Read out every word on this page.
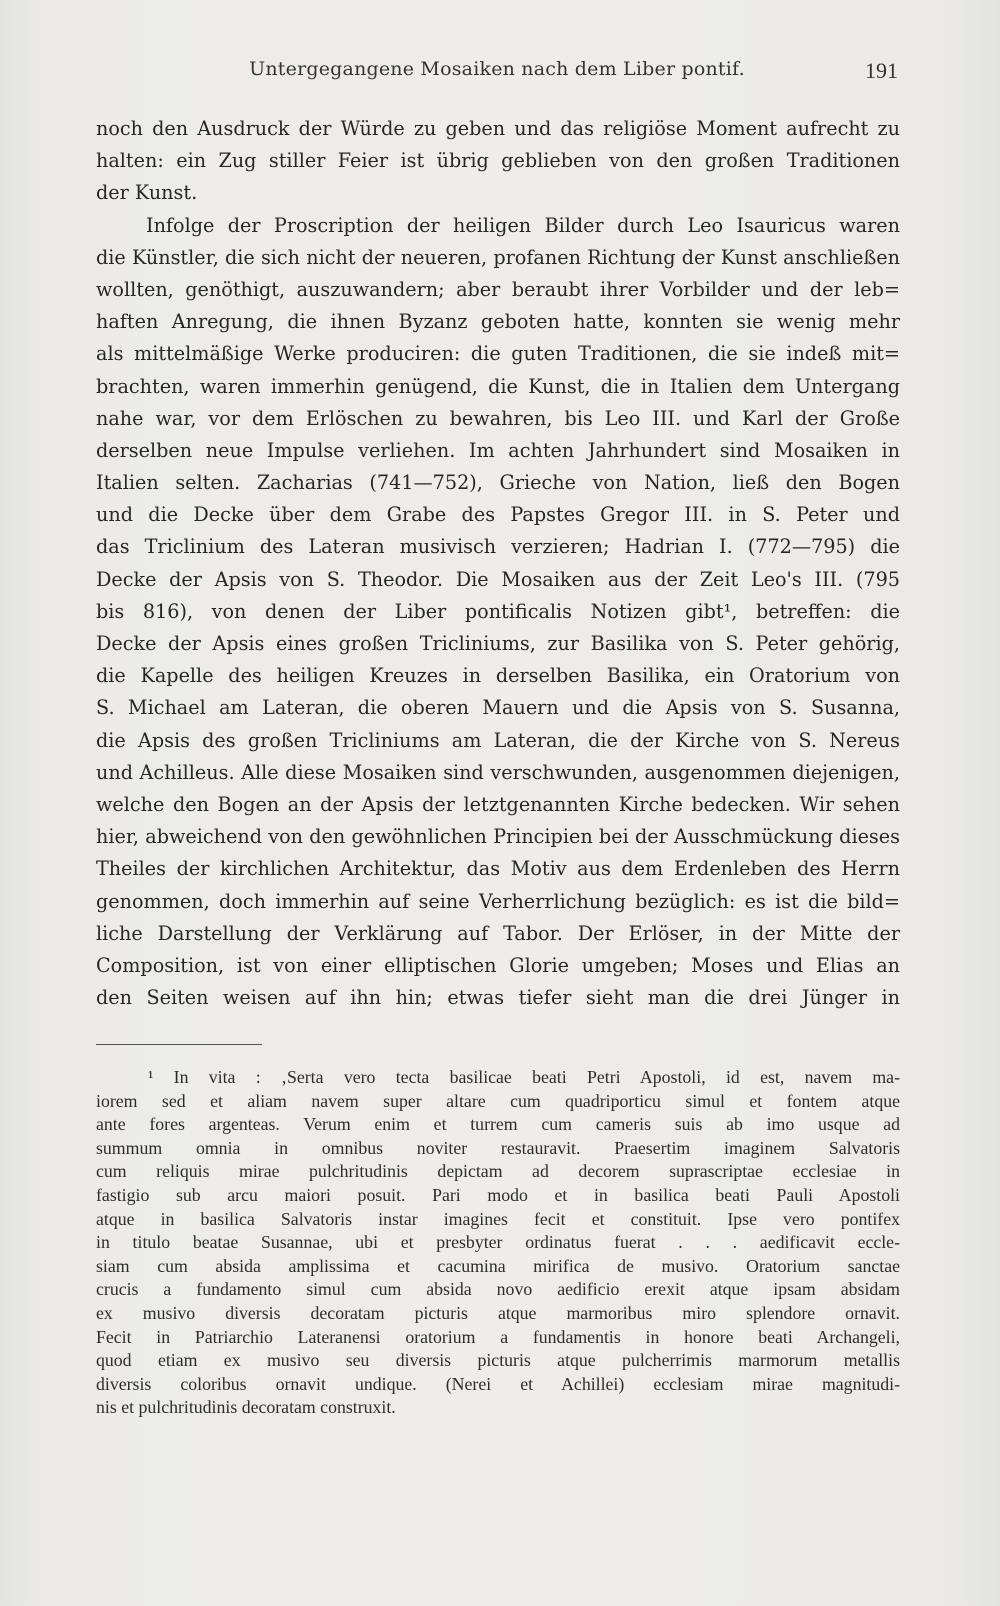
Untergegangene Mosaiken nach dem Liber pontif.	191
noch den Ausdruck der Würde zu geben und das religiöse Moment aufrecht zu
halten: ein Zug stiller Feier ist übrig geblieben von den großen Traditionen
der Kunst.
Infolge der Proscription der heiligen Bilder durch Leo Isauricus waren
die Künstler, die sich nicht der neueren, profanen Richtung der Kunst anschließen
wollten, genöthigt, auszuwandern; aber beraubt ihrer Vorbilder und der leb=
haften Anregung, die ihnen Byzanz geboten hatte, konnten sie wenig mehr
als mittelmäßige Werke produciren: die guten Traditionen, die sie indeß mit=
brachten, waren immerhin genügend, die Kunst, die in Italien dem Untergang
nahe war, vor dem Erlöschen zu bewahren, bis Leo III. und Karl der Große
derselben neue Impulse verliehen. Im achten Jahrhundert sind Mosaiken in
Italien selten. Zacharias (741—752), Grieche von Nation, ließ den Bogen
und die Decke über dem Grabe des Papstes Gregor III. in S. Peter und
das Triclinium des Lateran musivisch verzieren; Hadrian I. (772—795) die
Decke der Apsis von S. Theodor. Die Mosaiken aus der Zeit Leo's III. (795
bis 816), von denen der Liber pontificalis Notizen gibt¹, betreffen: die
Decke der Apsis eines großen Tricliniums, zur Basilika von S. Peter gehörig,
die Kapelle des heiligen Kreuzes in derselben Basilika, ein Oratorium von
S. Michael am Lateran, die oberen Mauern und die Apsis von S. Susanna,
die Apsis des großen Tricliniums am Lateran, die der Kirche von S. Nereus
und Achilleus. Alle diese Mosaiken sind verschwunden, ausgenommen diejenigen,
welche den Bogen an der Apsis der letztgenannten Kirche bedecken. Wir sehen
hier, abweichend von den gewöhnlichen Principien bei der Ausschmückung dieses
Theiles der kirchlichen Architektur, das Motiv aus dem Erdenleben des Herrn
genommen, doch immerhin auf seine Verherrlichung bezüglich: es ist die bild=
liche Darstellung der Verklärung auf Tabor. Der Erlöser, in der Mitte der
Composition, ist von einer elliptischen Glorie umgeben; Moses und Elias an
den Seiten weisen auf ihn hin; etwas tiefer sieht man die drei Jünger in
¹ In vita : ‚Serta vero tecta basilicae beati Petri Apostoli, id est, navem ma-
iorem sed et aliam navem super altare cum quadriporticu simul et fontem atque
ante fores argenteas. Verum enim et turrem cum cameris suis ab imo usque ad
summum omnia in omnibus noviter restauravit. Praesertim imaginem Salvatoris
cum reliquis mirae pulchritudinis depictam ad decorem suprascriptae ecclesiae in
fastigio sub arcu maiori posuit. Pari modo et in basilica beati Pauli Apostoli
atque in basilica Salvatoris instar imagines fecit et constituit. Ipse vero pontifex
in titulo beatae Susannae, ubi et presbyter ordinatus fuerat . . . aedificavit eccle-
siam cum absida amplissima et cacumina mirifica de musivo. Oratorium sanctae
crucis a fundamento simul cum absida novo aedificio erexit atque ipsam absidam
ex musivo diversis decoratam picturis atque marmoribus miro splendore ornavit.
Fecit in Patriarchio Lateranensi oratorium a fundamentis in honore beati Archangeli,
quod etiam ex musivo seu diversis picturis atque pulcherrimis marmorum metallis
diversis coloribus ornavit undique. (Nerei et Achillei) ecclesiam mirae magnitudi-
nis et pulchritudinis decoratam construxit.
